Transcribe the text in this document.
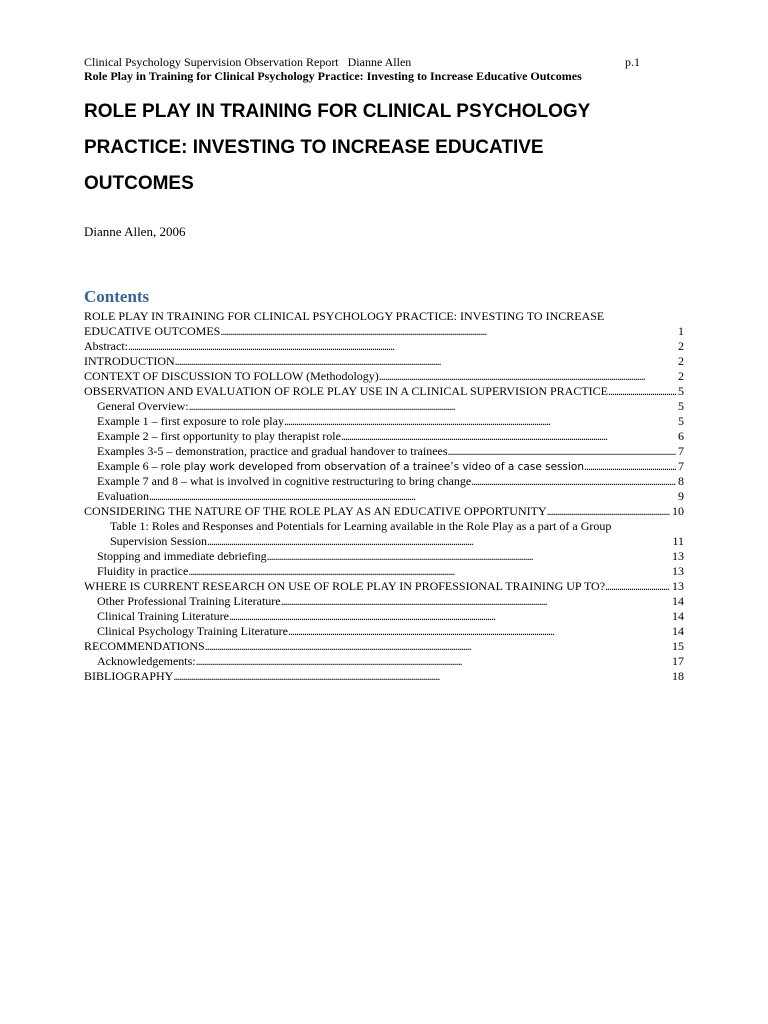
Clinical Psychology Supervision Observation Report   Dianne Allen	p.1
Role Play in Training for Clinical Psychology Practice: Investing to Increase Educative Outcomes
ROLE PLAY IN TRAINING FOR CLINICAL PSYCHOLOGY
PRACTICE: INVESTING TO INCREASE EDUCATIVE
OUTCOMES
Dianne Allen, 2006
Contents
ROLE PLAY IN TRAINING FOR CLINICAL PSYCHOLOGY PRACTICE: INVESTING TO INCREASE
EDUCATIVE OUTCOMES . . .	1
Abstract: . . .	2
INTRODUCTION . . .	2
CONTEXT OF DISCUSSION TO FOLLOW (Methodology) . . .	2
OBSERVATION AND EVALUATION OF ROLE PLAY USE IN A CLINICAL SUPERVISION PRACTICE . . .	5
General Overview: . . .	5
Example 1 – first exposure to role play . . .	5
Example 2 – first opportunity to play therapist role . . .	6
Examples 3-5 – demonstration, practice and gradual handover to trainees . . .	7
Example 6 – role play work developed from observation of a trainee’s video of a case session . . .	7
Example 7 and 8 – what is involved in cognitive restructuring to bring change . . .	8
Evaluation . . .	9
CONSIDERING THE NATURE OF THE ROLE PLAY AS AN EDUCATIVE OPPORTUNITY . . .	10
Table 1: Roles and Responses and Potentials for Learning available in the Role Play as a part of a Group
Supervision Session . . .	11
Stopping and immediate debriefing . . .	13
Fluidity in practice . . .	13
WHERE IS CURRENT RESEARCH ON USE OF ROLE PLAY IN PROFESSIONAL TRAINING UP TO? . . .	13
Other Professional Training Literature . . .	14
Clinical Training Literature . . .	14
Clinical Psychology Training Literature . . .	14
RECOMMENDATIONS . . .	15
Acknowledgements: . . .	17
BIBLIOGRAPHY . . .	18
